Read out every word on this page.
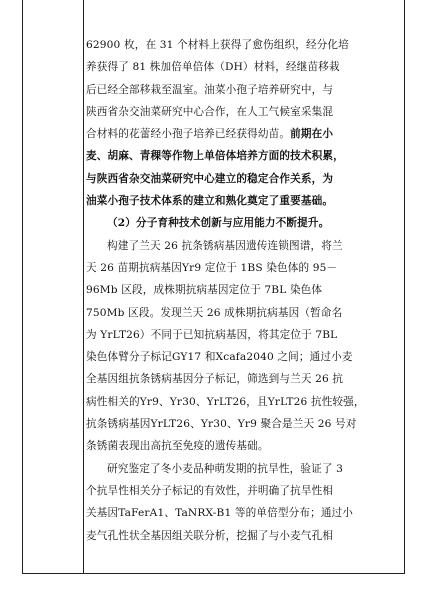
62900 枚，在 31 个材料上获得了愈伤组织，经分化培
养获得了 81 株加倍单倍体（DH）材料，经继苗移栽
后已经全部移栽至温室。油菜小孢子培养研究中，与
陕西省杂交油菜研究中心合作，在人工气候室采集混
合材料的花蕾经小孢子培养已经获得幼苗。前期在小
麦、胡麻、青稞等作物上单倍体培养方面的技术积累，
与陕西省杂交油菜研究中心建立的稳定合作关系，为
油菜小孢子技术体系的建立和熟化奠定了重要基础。
（2）分子育种技术创新与应用能力不断提升。
构建了兰天 26 抗条锈病基因遗传连锁图谱，将兰
天 26 苗期抗病基因Yr9 定位于 1BS 染色体的 95－
96Mb 区段，成株期抗病基因定位于 7BL 染色体
750Mb 区段。发现兰天 26 成株期抗病基因（暂命名
为 YrLT26）不同于已知抗病基因，将其定位于 7BL
染色体臂分子标记GY17 和Xcafa2040 之间；通过小麦
全基因组抗条锈病基因分子标记，筛选到与兰天 26 抗
病性相关的Yr9、Yr30、YrLT26，且YrLT26 抗性较强，
抗条锈病基因YrLT26、Yr30、Yr9 聚合是兰天 26 号对
条锈菌表现出高抗至免疫的遗传基础。
研究鉴定了冬小麦品种萌发期的抗旱性，验证了 3
个抗旱性相关分子标记的有效性，并明确了抗旱性相
关基因TaFerA1、TaNRX-B1 等的单倍型分布；通过小
麦气孔性状全基因组关联分析，挖掘了与小麦气孔相
